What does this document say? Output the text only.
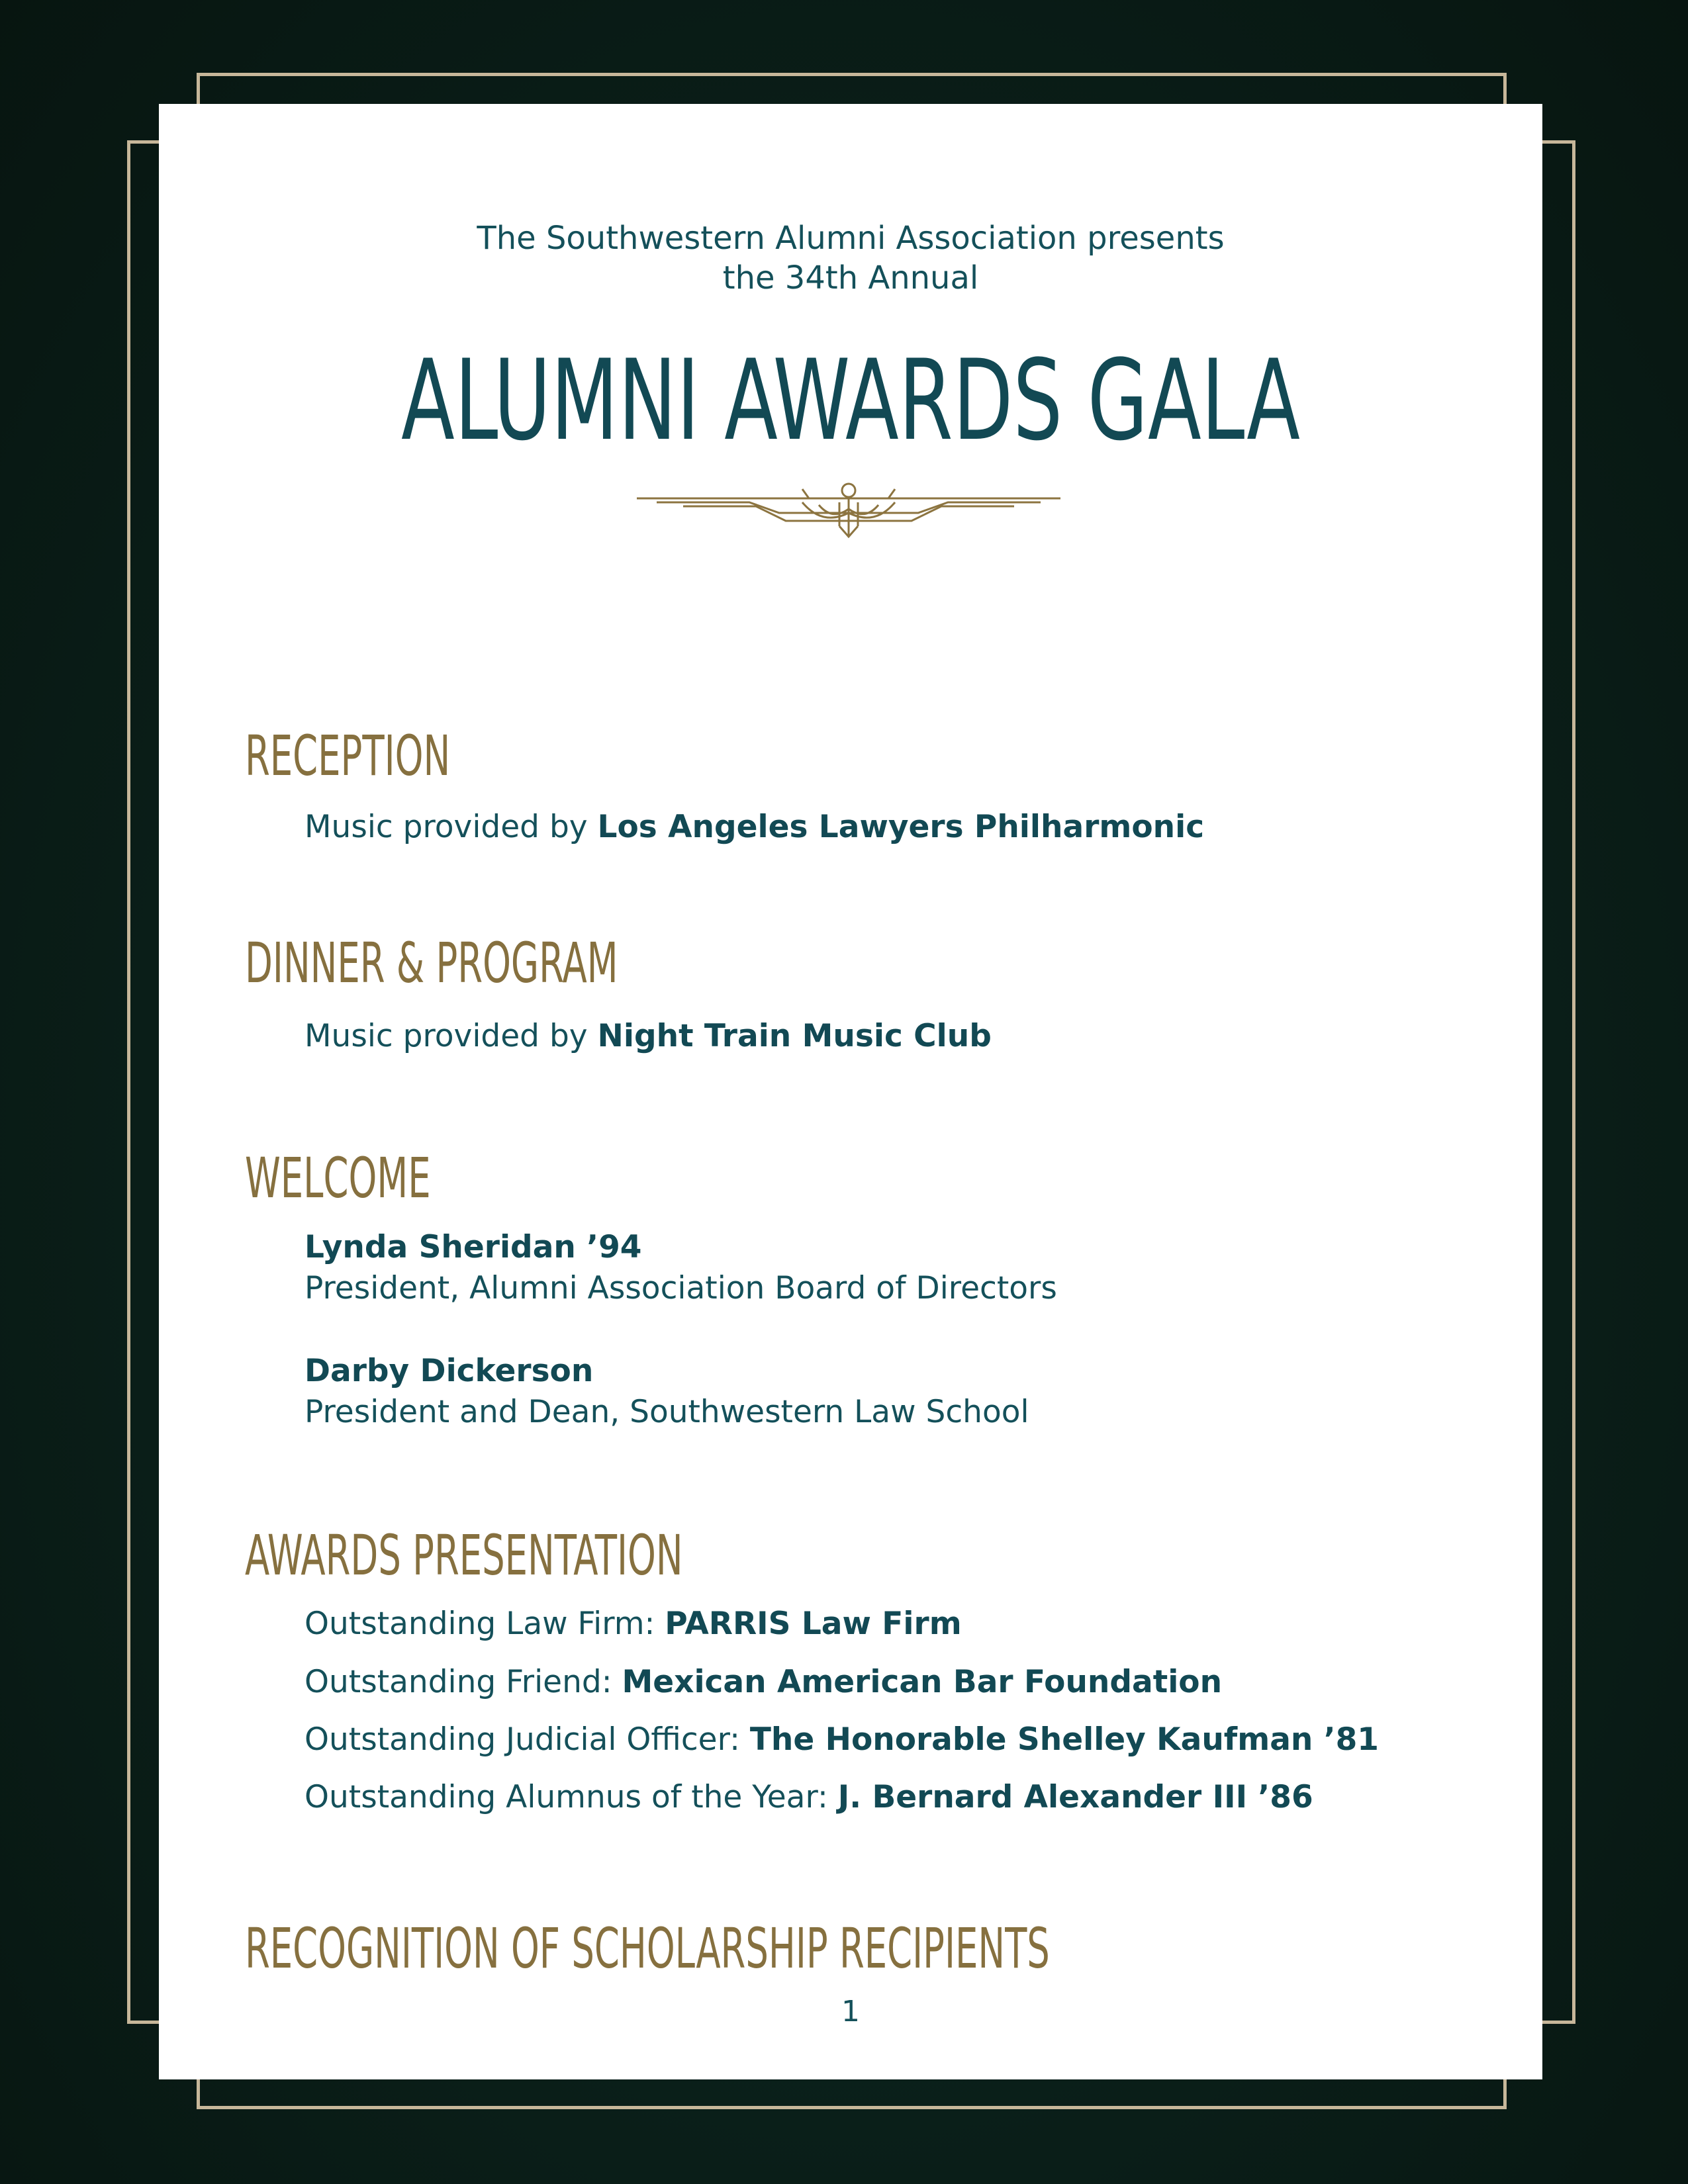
The Southwestern Alumni Association presents
the 34th Annual
ALUMNI AWARDS GALA
RECEPTION
Music provided by Los Angeles Lawyers Philharmonic
DINNER & PROGRAM
Music provided by Night Train Music Club
WELCOME
Lynda Sheridan ’94
President, Alumni Association Board of Directors
Darby Dickerson
President and Dean, Southwestern Law School
AWARDS PRESENTATION
Outstanding Law Firm: PARRIS Law Firm
Outstanding Friend: Mexican American Bar Foundation
Outstanding Judicial Officer: The Honorable Shelley Kaufman ’81
Outstanding Alumnus of the Year: J. Bernard Alexander III ’86
RECOGNITION OF SCHOLARSHIP RECIPIENTS
1
